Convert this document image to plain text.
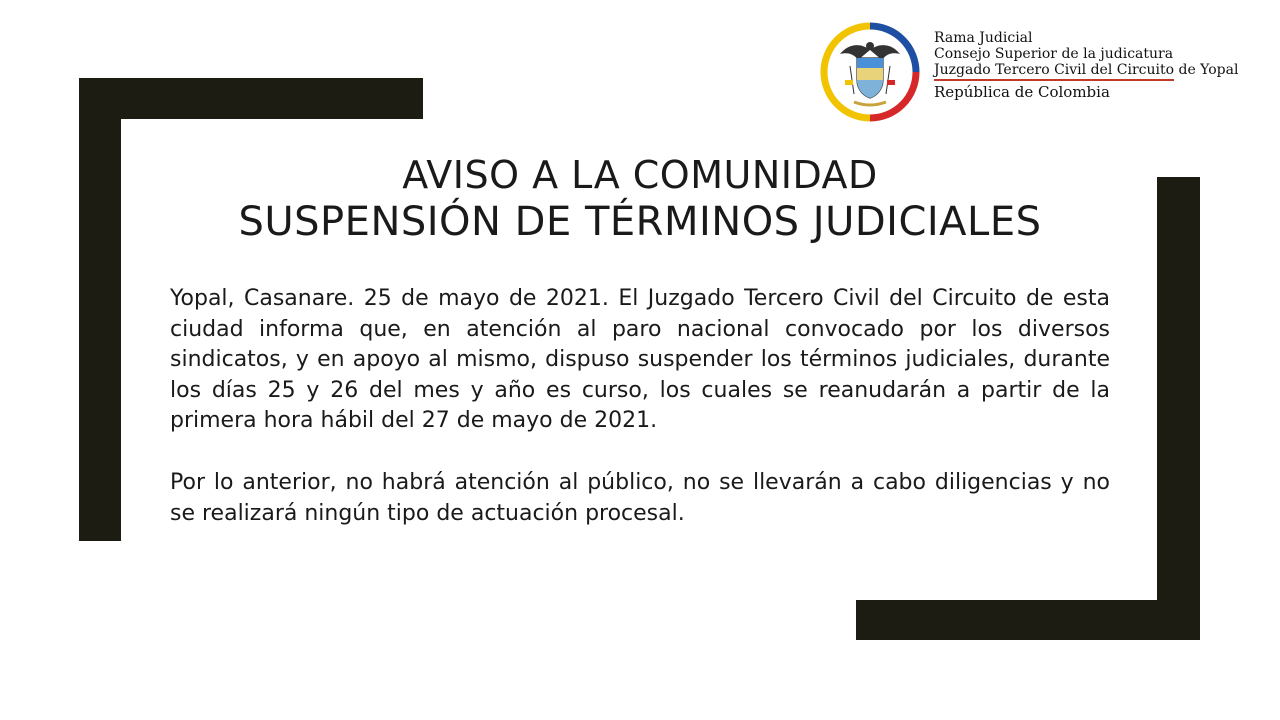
Rama Judicial
Consejo Superior de la judicatura
Juzgado Tercero Civil del Circuito de Yopal
República de Colombia
AVISO A LA COMUNIDAD
SUSPENSIÓN DE TÉRMINOS JUDICIALES

Yopal, Casanare. 25 de mayo de 2021. El Juzgado Tercero Civil del Circuito de esta ciudad informa que, en atención al paro nacional convocado por los diversos sindicatos, y en apoyo al mismo, dispuso suspender los términos judiciales, durante los días 25 y 26 del mes y año es curso, los cuales se reanudarán a partir de la primera hora hábil del 27 de mayo de 2021.

Por lo anterior, no habrá atención al público, no se llevarán a cabo diligencias y no se realizará ningún tipo de actuación procesal.
